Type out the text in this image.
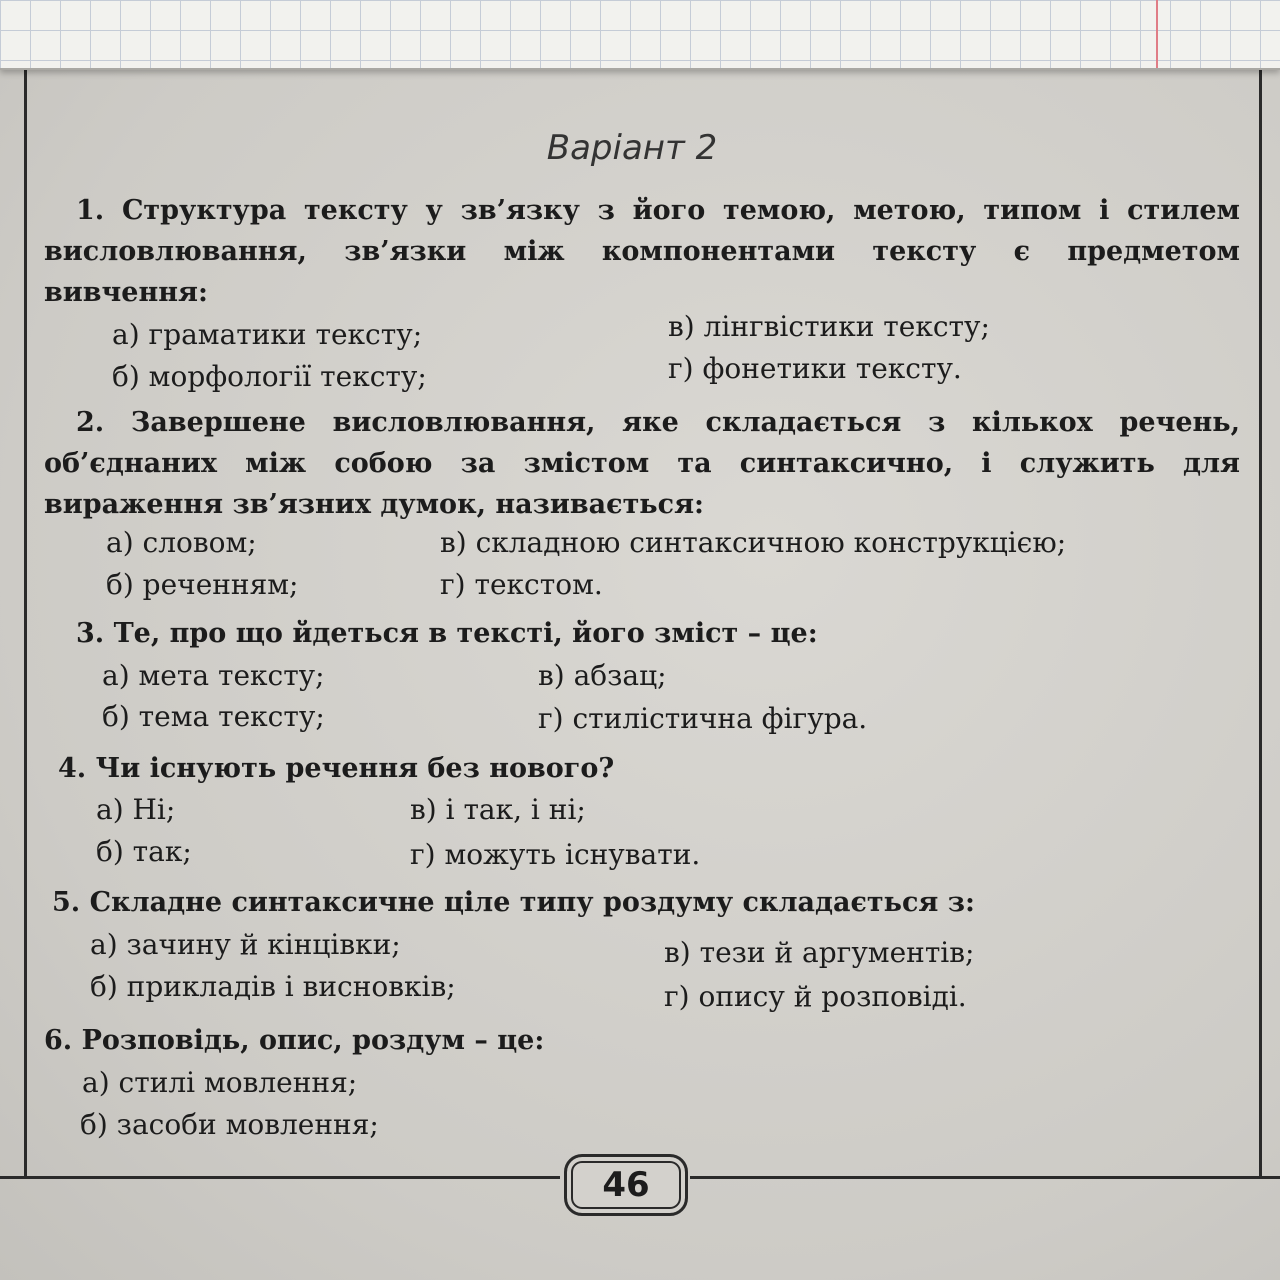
Варіант 2
1. Структура тексту у зв’язку з його темою, метою, типом і стилем висловлювання, зв’язки між компонентами тексту є предметом вивчення:
а) граматики тексту;
б) морфології тексту;
в) лінгвістики тексту;
г) фонетики тексту.
2. Завершене висловлювання, яке складається з кількох речень, об’єднаних між собою за змістом та синтаксично, і служить для вираження зв’язних думок, називається:
а) словом;
б) реченням;
в) складною синтаксичною конструкцією;
г) текстом.
3. Те, про що йдеться в тексті, його зміст – це:
а) мета тексту;
б) тема тексту;
в) абзац;
г) стилістична фігура.
4. Чи існують речення без нового?
а) Ні;
б) так;
в) і так, і ні;
г) можуть існувати.
5. Складне синтаксичне ціле типу роздуму складається з:
а) зачину й кінцівки;
б) прикладів і висновків;
в) тези й аргументів;
г) опису й розповіді.
6. Розповідь, опис, роздум – це:
а) стилі мовлення;
б) засоби мовлення;
46
